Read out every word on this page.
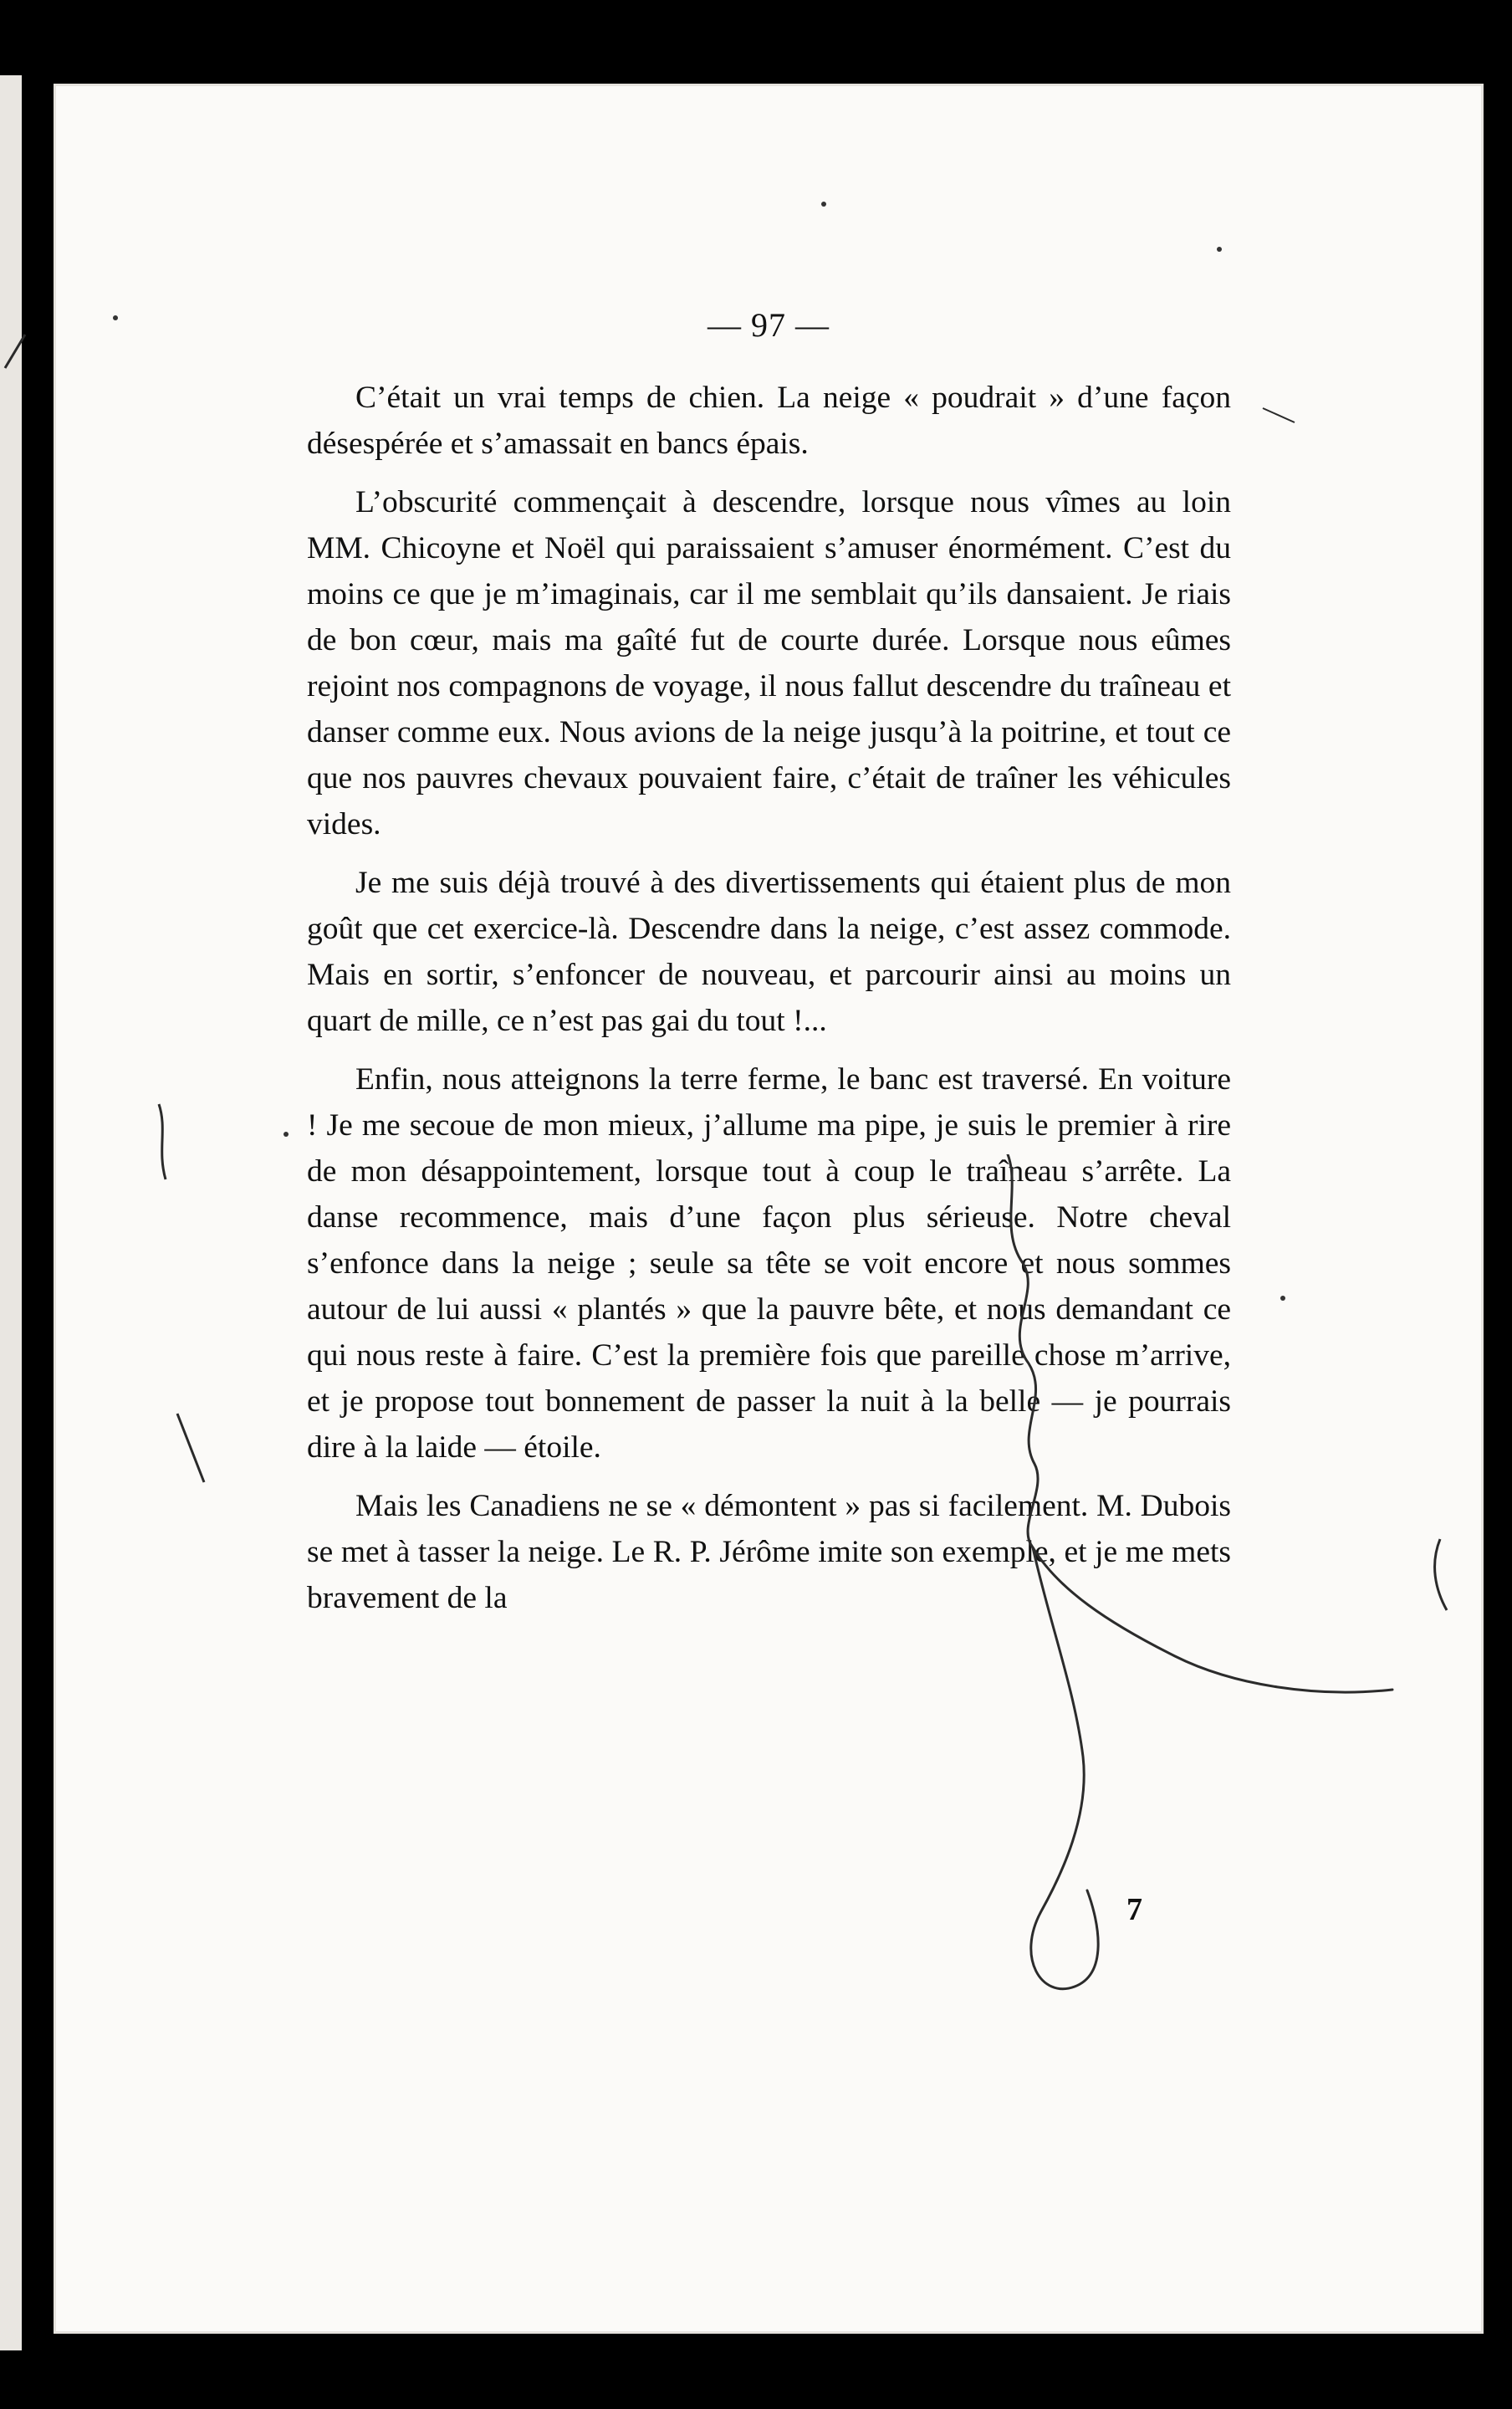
— 97 —

C’était un vrai temps de chien. La neige « poudrait » d’une façon désespérée et s’amassait en bancs épais.

L’obscurité commençait à descendre, lorsque nous vîmes au loin MM. Chicoyne et Noël qui paraissaient s’amuser énormément. C’est du moins ce que je m’imaginais, car il me semblait qu’ils dansaient. Je riais de bon cœur, mais ma gaîté fut de courte durée. Lorsque nous eûmes rejoint nos compagnons de voyage, il nous fallut descendre du traîneau et danser comme eux. Nous avions de la neige jusqu’à la poitrine, et tout ce que nos pauvres chevaux pouvaient faire, c’était de traîner les véhicules vides.

Je me suis déjà trouvé à des divertissements qui étaient plus de mon goût que cet exercice-là. Descendre dans la neige, c’est assez commode. Mais en sortir, s’enfoncer de nouveau, et parcourir ainsi au moins un quart de mille, ce n’est pas gai du tout !...

Enfin, nous atteignons la terre ferme, le banc est traversé. En voiture ! Je me secoue de mon mieux, j’allume ma pipe, je suis le premier à rire de mon désappointement, lorsque tout à coup le traîneau s’arrête. La danse recommence, mais d’une façon plus sérieuse. Notre cheval s’enfonce dans la neige ; seule sa tête se voit encore et nous sommes autour de lui aussi « plantés » que la pauvre bête, et nous demandant ce qui nous reste à faire. C’est la première fois que pareille chose m’arrive, et je propose tout bonnement de passer la nuit à la belle — je pourrais dire à la laide — étoile.

Mais les Canadiens ne se « démontent » pas si facilement. M. Dubois se met à tasser la neige. Le R. P. Jérôme imite son exemple, et je me mets bravement de la

7
